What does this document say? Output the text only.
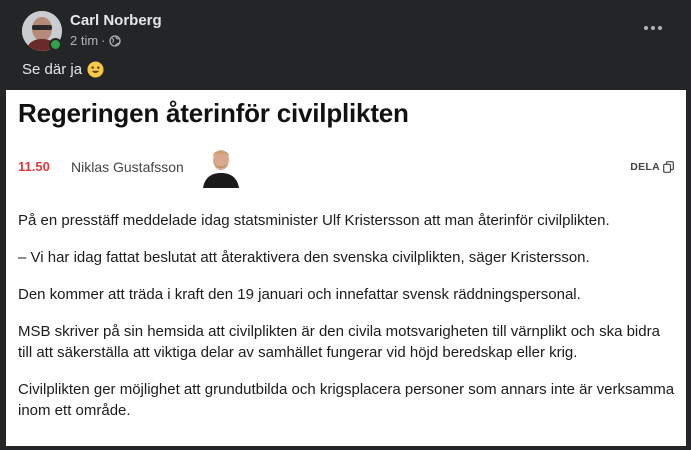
Carl Norberg
2 tim ·
Se där ja
Regeringen återinför civilplikten
11.50 Niklas Gustafsson	DELA

På en presstäff meddelade idag statsminister Ulf Kristersson att man återinför civilplikten.

– Vi har idag fattat beslutat att återaktivera den svenska civilplikten, säger Kristersson.

Den kommer att träda i kraft den 19 januari och innefattar svensk räddningspersonal.

MSB skriver på sin hemsida att civilplikten är den civila motsvarigheten till värnplikt och ska bidra till att säkerställa att viktiga delar av samhället fungerar vid höjd beredskap eller krig.

Civilplikten ger möjlighet att grundutbilda och krigsplacera personer som annars inte är verksamma inom ett område.
